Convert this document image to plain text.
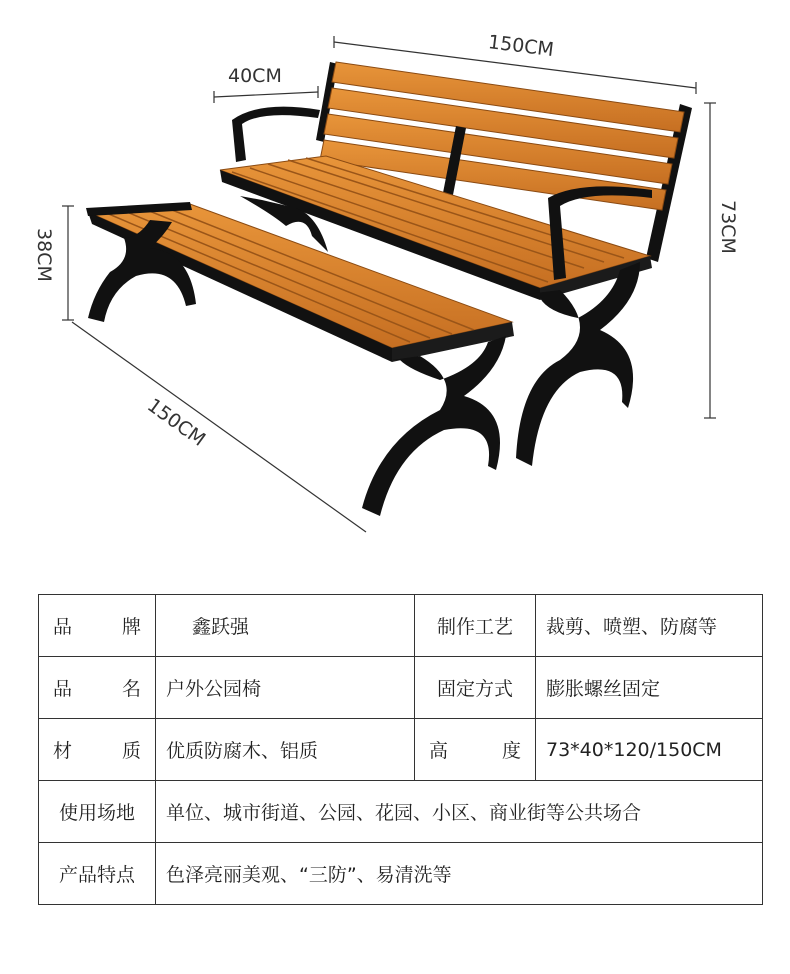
150CM
40CM
73CM
38CM
150CM
品 牌	鑫跃强	制作工艺	裁剪、喷塑、防腐等
品 名	户外公园椅	固定方式	膨胀螺丝固定
材 质	优质防腐木、铝质	高 度	73*40*120/150CM
使用场地	单位、城市街道、公园、花园、小区、商业街等公共场合		
产品特点	色泽亮丽美观、“三防”、易清洗等		
